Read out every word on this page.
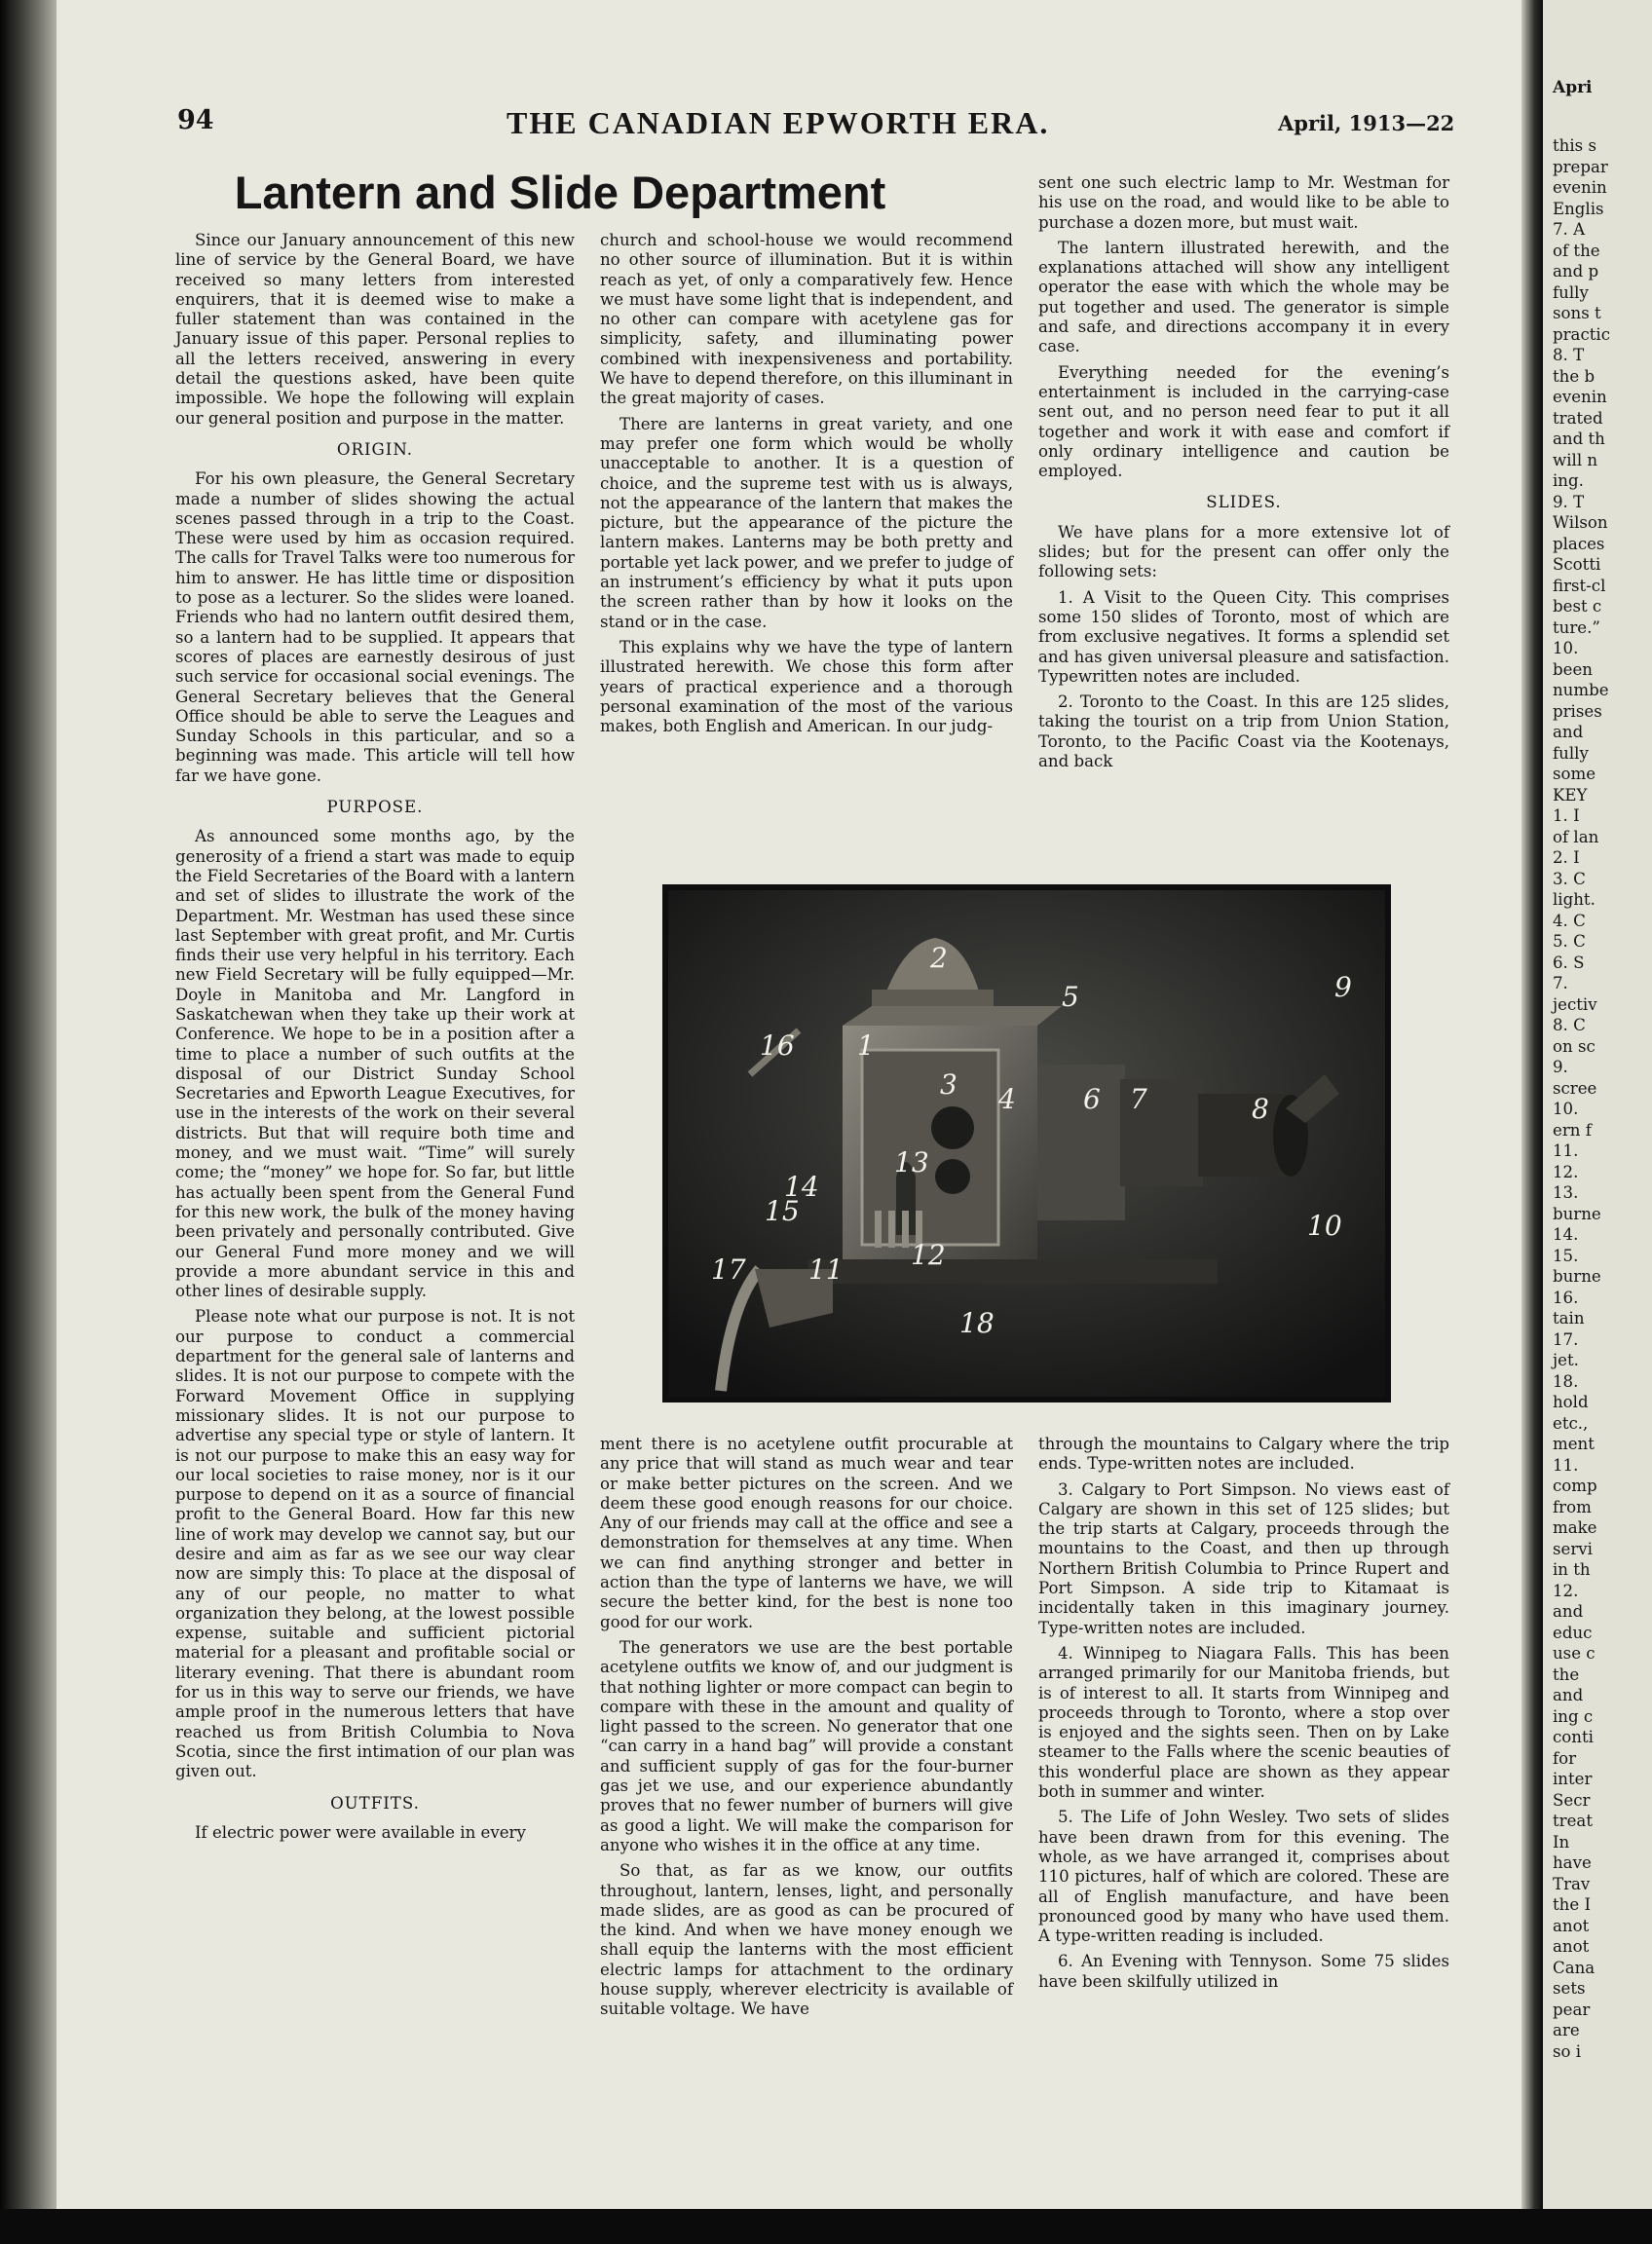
Apri
this s
prepar
evenin
Englis
7. A
of the
and p
fully
sons t
practic
8. T
the b
evenin
trated
and th
will n
ing.
9. T
Wilson
places
Scotti
first-cl
best c
ture.”
10.
been
numbe
prises
and
fully
some
KEY
1. I
of lan
2. I
3. C
light.
4. C
5. C
6. S
7.
jectiv
8. C
on sc
9.
scree
10.
ern f
11.
12.
13.
burne
14.
15.
burne
16.
tain
17.
jet.
18.
hold
etc.,
ment
11.
comp
from
make
servi
in th
12.
and
educ
use c
the
and
ing c
conti
for
inter
Secr
treat
In
have
Trav
the I
anot
anot
Cana
sets
pear
are
so i
94	THE CANADIAN EPWORTH ERA.	April, 1913—22
Lantern and Slide Department

Since our January announcement of this new line of service by the General Board, we have received so many letters from interested enquirers, that it is deemed wise to make a fuller statement than was contained in the January issue of this paper. Personal replies to all the letters received, answering in every detail the questions asked, have been quite impossible. We hope the following will explain our general position and purpose in the matter.

ORIGIN.

For his own pleasure, the General Secretary made a number of slides showing the actual scenes passed through in a trip to the Coast. These were used by him as occasion required. The calls for Travel Talks were too numerous for him to answer. He has little time or disposition to pose as a lecturer. So the slides were loaned. Friends who had no lantern outfit desired them, so a lantern had to be supplied. It appears that scores of places are earnestly desirous of just such service for occasional social evenings. The General Secretary believes that the General Office should be able to serve the Leagues and Sunday Schools in this particular, and so a beginning was made. This article will tell how far we have gone.

PURPOSE.

As announced some months ago, by the generosity of a friend a start was made to equip the Field Secretaries of the Board with a lantern and set of slides to illustrate the work of the Department. Mr. Westman has used these since last September with great profit, and Mr. Curtis finds their use very helpful in his territory. Each new Field Secretary will be fully equipped—Mr. Doyle in Manitoba and Mr. Langford in Saskatchewan when they take up their work at Conference. We hope to be in a position after a time to place a number of such outfits at the disposal of our District Sunday School Secretaries and Epworth League Executives, for use in the interests of the work on their several districts. But that will require both time and money, and we must wait. “Time” will surely come; the “money” we hope for. So far, but little has actually been spent from the General Fund for this new work, the bulk of the money having been privately and personally contributed. Give our General Fund more money and we will provide a more abundant service in this and other lines of desirable supply.

Please note what our purpose is not. It is not our purpose to conduct a commercial department for the general sale of lanterns and slides. It is not our purpose to compete with the Forward Movement Office in supplying missionary slides. It is not our purpose to advertise any special type or style of lantern. It is not our purpose to make this an easy way for our local societies to raise money, nor is it our purpose to depend on it as a source of financial profit to the General Board. How far this new line of work may develop we cannot say, but our desire and aim as far as we see our way clear now are simply this: To place at the disposal of any of our people, no matter to what organization they belong, at the lowest possible expense, suitable and sufficient pictorial material for a pleasant and profitable social or literary evening. That there is abundant room for us in this way to serve our friends, we have ample proof in the numerous letters that have reached us from British Columbia to Nova Scotia, since the first intimation of our plan was given out.

OUTFITS.

If electric power were available in every

church and school-house we would recommend no other source of illumination. But it is within reach as yet, of only a comparatively few. Hence we must have some light that is independent, and no other can compare with acetylene gas for simplicity, safety, and illuminating power combined with inexpensiveness and portability. We have to depend therefore, on this illuminant in the great majority of cases.

There are lanterns in great variety, and one may prefer one form which would be wholly unacceptable to another. It is a question of choice, and the supreme test with us is always, not the appearance of the lantern that makes the picture, but the appearance of the picture the lantern makes. Lanterns may be both pretty and portable yet lack power, and we prefer to judge of an instrument’s efficiency by what it puts upon the screen rather than by how it looks on the stand or in the case.

This explains why we have the type of lantern illustrated herewith. We chose this form after years of practical experience and a thorough personal examination of the most of the various makes, both English and American. In our judg-

sent one such electric lamp to Mr. Westman for his use on the road, and would like to be able to purchase a dozen more, but must wait.

The lantern illustrated herewith, and the explanations attached will show any intelligent operator the ease with which the whole may be put together and used. The generator is simple and safe, and directions accompany it in every case.

Everything needed for the evening’s entertainment is included in the carrying-case sent out, and no person need fear to put it all together and work it with ease and comfort if only ordinary intelligence and caution be employed.

SLIDES.

We have plans for a more extensive lot of slides; but for the present can offer only the following sets:

1. A Visit to the Queen City. This comprises some 150 slides of Toronto, most of which are from exclusive negatives. It forms a splendid set and has given universal pleasure and satisfaction. Typewritten notes are included.

2. Toronto to the Coast. In this are 125 slides, taking the tourist on a trip from Union Station, Toronto, to the Pacific Coast via the Kootenays, and back

ment there is no acetylene outfit procurable at any price that will stand as much wear and tear or make better pictures on the screen. And we deem these good enough reasons for our choice. Any of our friends may call at the office and see a demonstration for themselves at any time. When we can find anything stronger and better in action than the type of lanterns we have, we will secure the better kind, for the best is none too good for our work.

The generators we use are the best portable acetylene outfits we know of, and our judgment is that nothing lighter or more compact can begin to compare with these in the amount and quality of light passed to the screen. No generator that one “can carry in a hand bag” will provide a constant and sufficient supply of gas for the four-burner gas jet we use, and our experience abundantly proves that no fewer number of burners will give as good a light. We will make the comparison for anyone who wishes it in the office at any time.

So that, as far as we know, our outfits throughout, lantern, lenses, light, and personally made slides, are as good as can be procured of the kind. And when we have money enough we shall equip the lanterns with the most efficient electric lamps for attachment to the ordinary house supply, wherever electricity is available of suitable voltage. We have

through the mountains to Calgary where the trip ends. Type-written notes are included.

3. Calgary to Port Simpson. No views east of Calgary are shown in this set of 125 slides; but the trip starts at Calgary, proceeds through the mountains to the Coast, and then up through Northern British Columbia to Prince Rupert and Port Simpson. A side trip to Kitamaat is incidentally taken in this imaginary journey. Type-written notes are included.

4. Winnipeg to Niagara Falls. This has been arranged primarily for our Manitoba friends, but is of interest to all. It starts from Winnipeg and proceeds through to Toronto, where a stop over is enjoyed and the sights seen. Then on by Lake steamer to the Falls where the scenic beauties of this wonderful place are shown as they appear both in summer and winter.

5. The Life of John Wesley. Two sets of slides have been drawn from for this evening. The whole, as we have arranged it, comprises about 110 pictures, half of which are colored. These are all of English manufacture, and have been pronounced good by many who have used them. A type-written reading is included.

6. An Evening with Tennyson. Some 75 slides have been skilfully utilized in

1
2
3 4
5
6 7	8
9
10
11 12
13
14
15
16
17
18
